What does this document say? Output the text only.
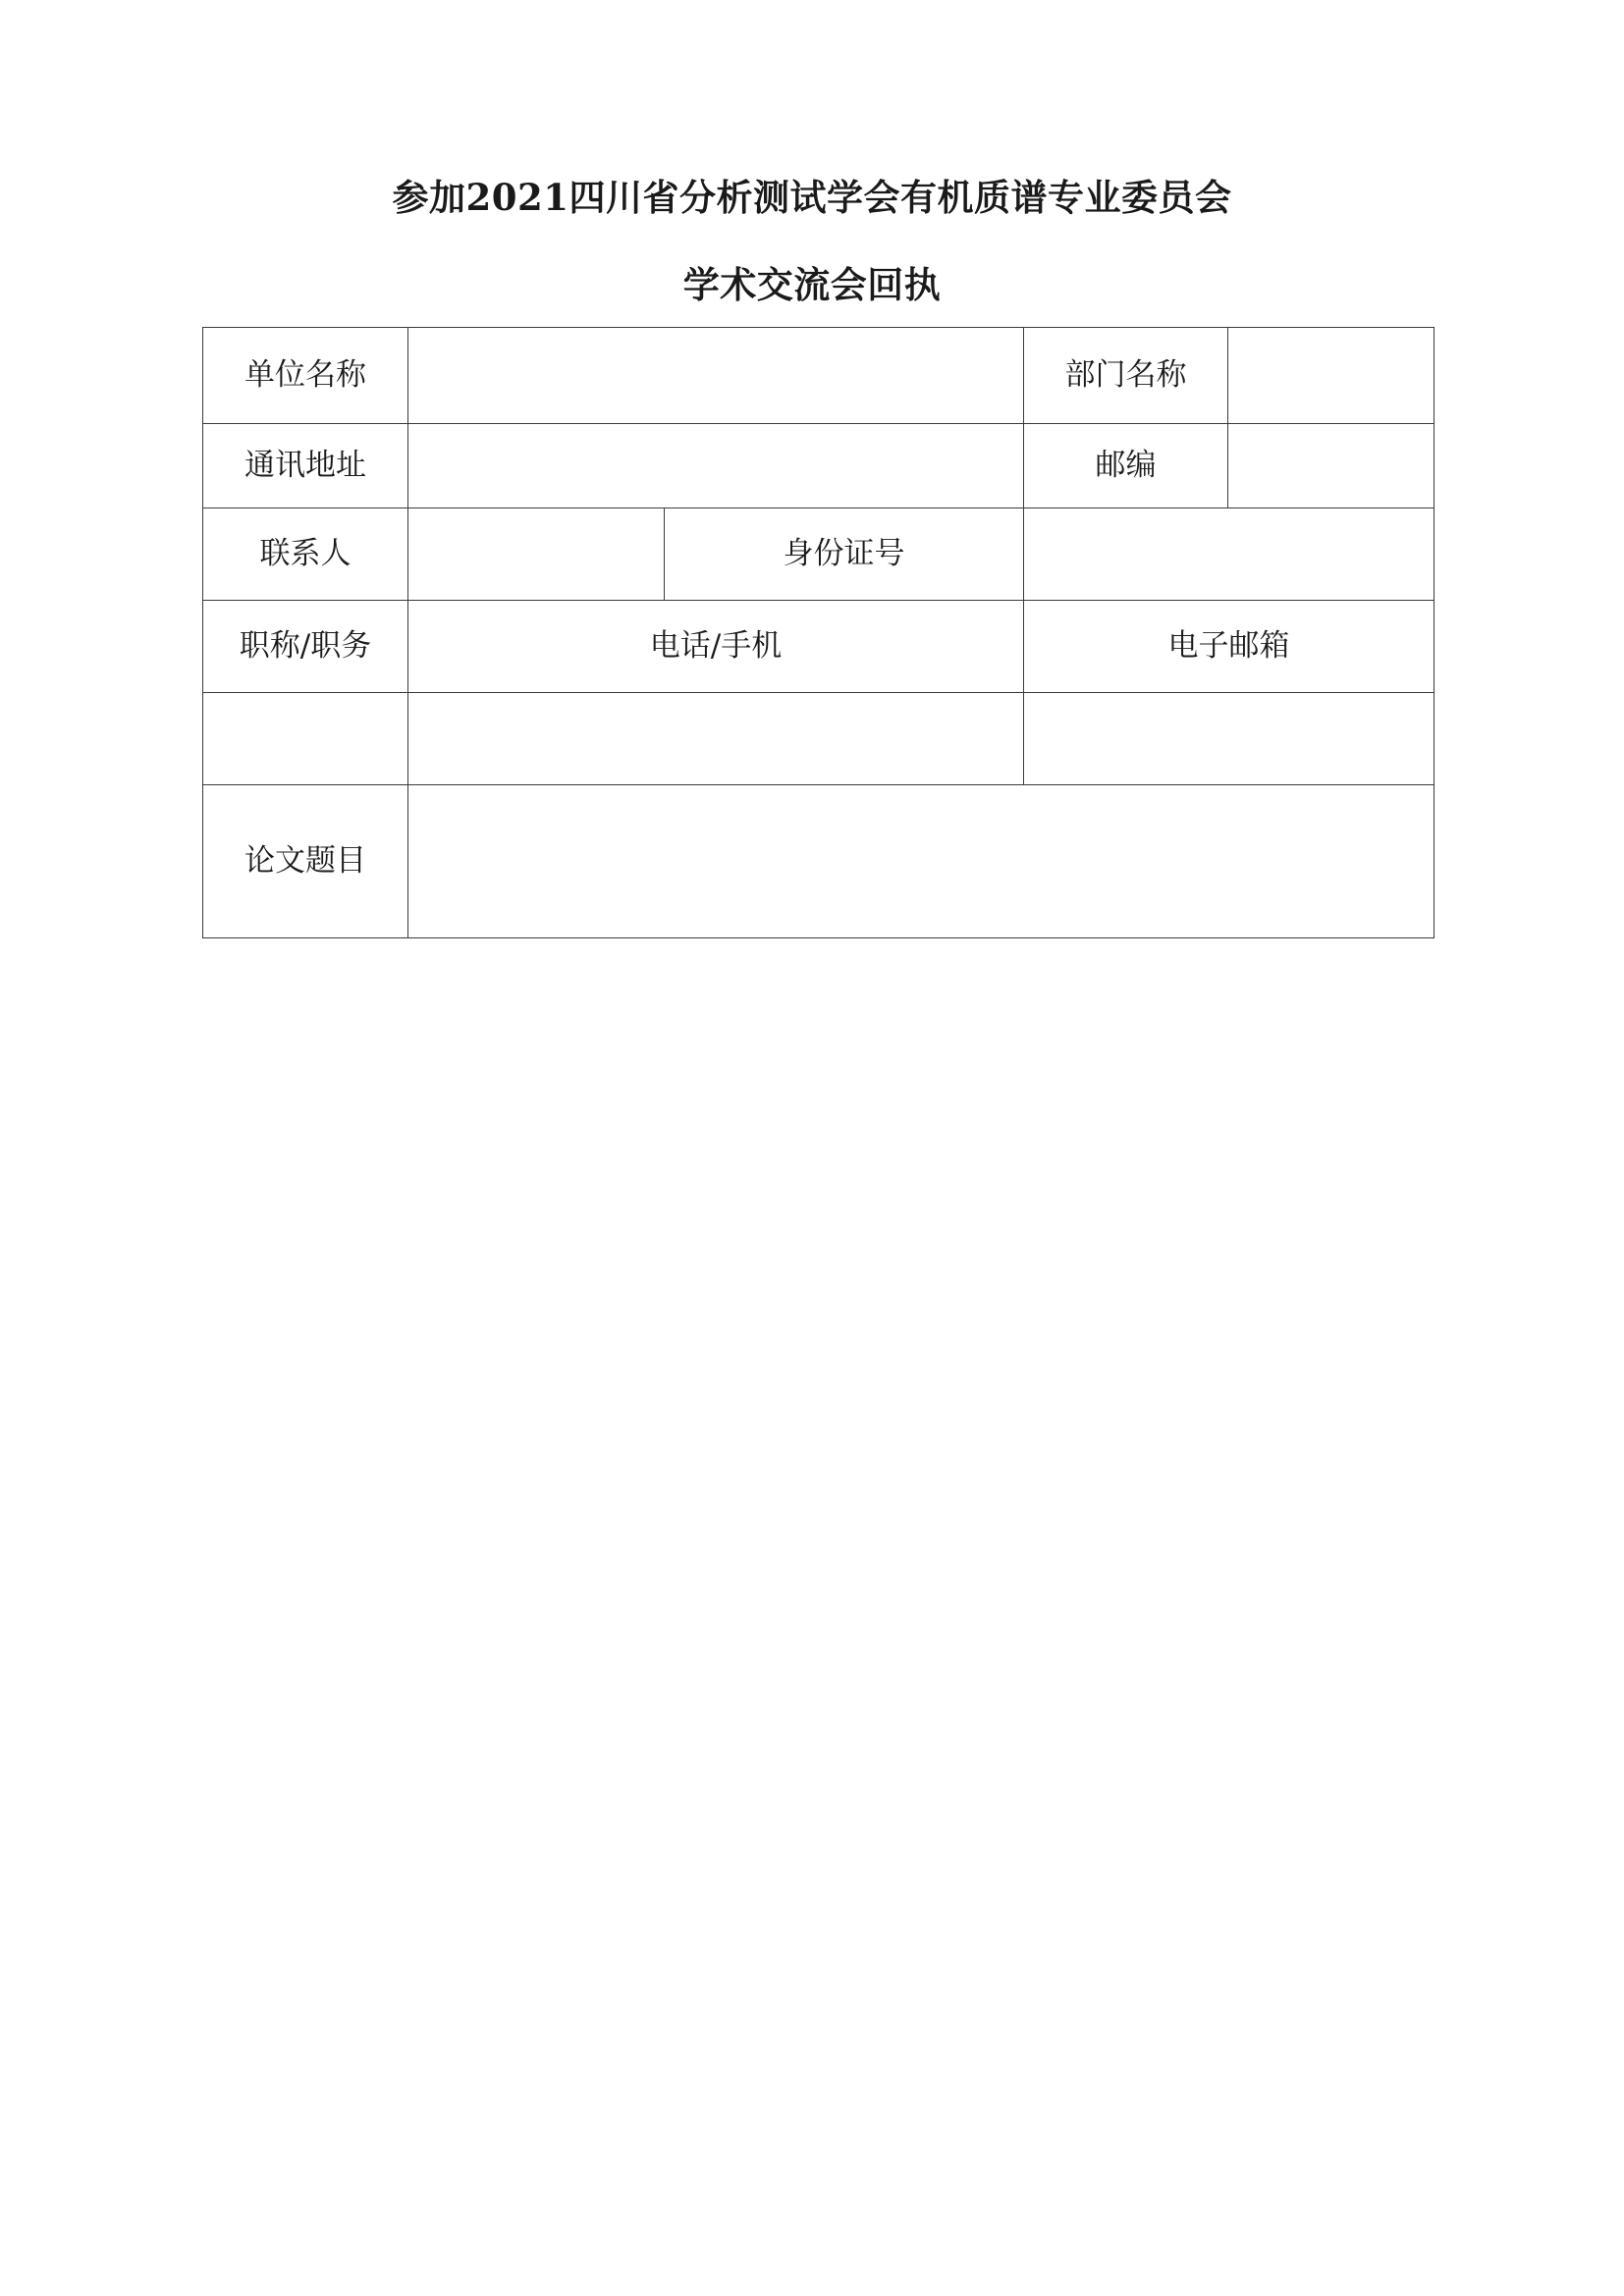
参加2021四川省分析测试学会有机质谱专业委员会
学术交流会回执
单位名称			部门名称	
通讯地址			邮编	
联系人		身份证号		
职称/职务	电话/手机		电子邮箱	

论文题目				
